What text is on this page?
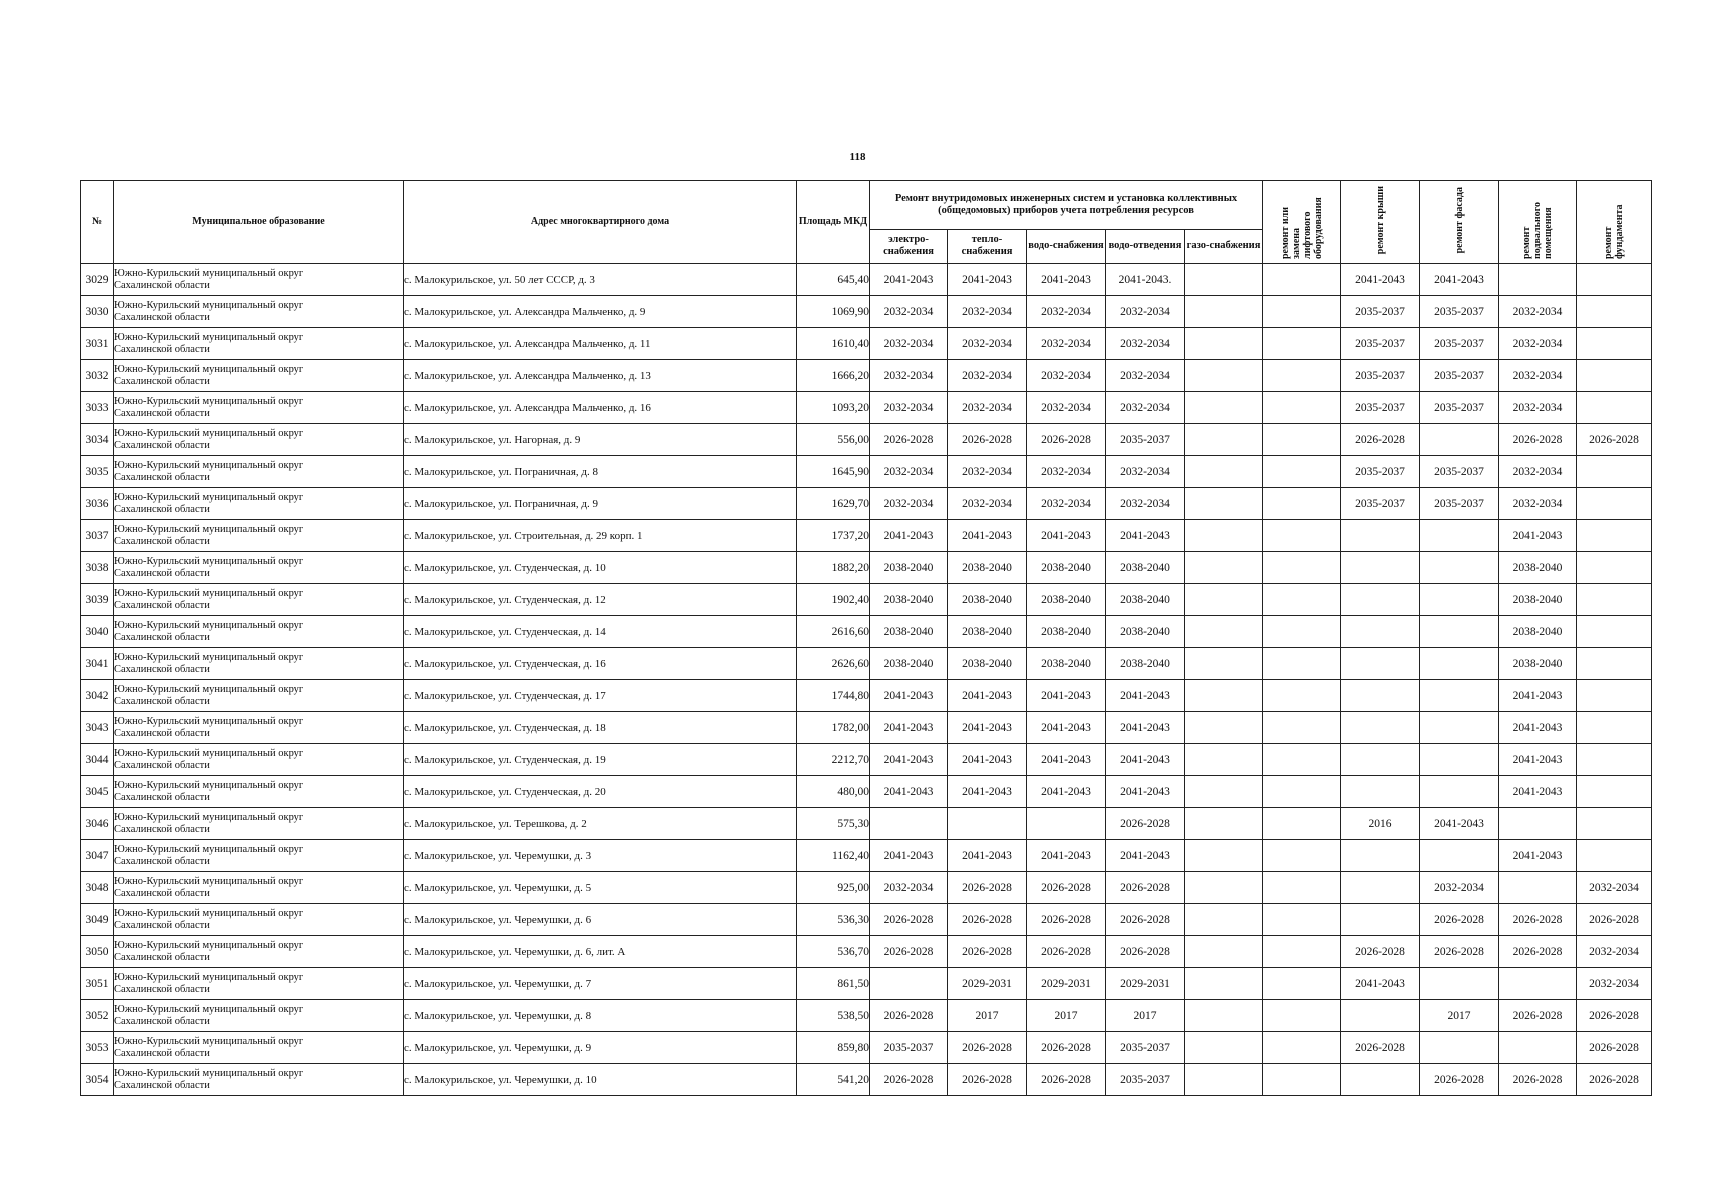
118
№	Муниципальное образование	Адрес многоквартирного дома	Площадь МКД	Ремонт внутридомовых инженерных систем и установка коллективных (общедомовых) приборов учета потребления ресурсов					ремонт или замена лифтового оборудования	ремонт крыши	ремонт фасада	ремонт подвального помещения	ремонт фундамента
				электро-снабжения	тепло-снабжения	водо-снабжения	водо-отведения	газо-снабжения					
3029	Южно-Курильский муниципальный округ
Сахалинской области	с. Малокурильское, ул. 50 лет СССР, д. 3	645,40	2041-2043	2041-2043	2041-2043	2041-2043.			2041-2043	2041-2043		
3030	Южно-Курильский муниципальный округ
Сахалинской области	с. Малокурильское, ул. Александра Мальченко, д. 9	1069,90	2032-2034	2032-2034	2032-2034	2032-2034			2035-2037	2035-2037	2032-2034	
3031	Южно-Курильский муниципальный округ
Сахалинской области	с. Малокурильское, ул. Александра Мальченко, д. 11	1610,40	2032-2034	2032-2034	2032-2034	2032-2034			2035-2037	2035-2037	2032-2034	
3032	Южно-Курильский муниципальный округ
Сахалинской области	с. Малокурильское, ул. Александра Мальченко, д. 13	1666,20	2032-2034	2032-2034	2032-2034	2032-2034			2035-2037	2035-2037	2032-2034	
3033	Южно-Курильский муниципальный округ
Сахалинской области	с. Малокурильское, ул. Александра Мальченко, д. 16	1093,20	2032-2034	2032-2034	2032-2034	2032-2034			2035-2037	2035-2037	2032-2034	
3034	Южно-Курильский муниципальный округ
Сахалинской области	с. Малокурильское, ул. Нагорная, д. 9	556,00	2026-2028	2026-2028	2026-2028	2035-2037			2026-2028		2026-2028	2026-2028
3035	Южно-Курильский муниципальный округ
Сахалинской области	с. Малокурильское, ул. Пограничная, д. 8	1645,90	2032-2034	2032-2034	2032-2034	2032-2034			2035-2037	2035-2037	2032-2034	
3036	Южно-Курильский муниципальный округ
Сахалинской области	с. Малокурильское, ул. Пограничная, д. 9	1629,70	2032-2034	2032-2034	2032-2034	2032-2034			2035-2037	2035-2037	2032-2034	
3037	Южно-Курильский муниципальный округ
Сахалинской области	с. Малокурильское, ул. Строительная, д. 29 корп. 1	1737,20	2041-2043	2041-2043	2041-2043	2041-2043					2041-2043	
3038	Южно-Курильский муниципальный округ
Сахалинской области	с. Малокурильское, ул. Студенческая, д. 10	1882,20	2038-2040	2038-2040	2038-2040	2038-2040					2038-2040	
3039	Южно-Курильский муниципальный округ
Сахалинской области	с. Малокурильское, ул. Студенческая, д. 12	1902,40	2038-2040	2038-2040	2038-2040	2038-2040					2038-2040	
3040	Южно-Курильский муниципальный округ
Сахалинской области	с. Малокурильское, ул. Студенческая, д. 14	2616,60	2038-2040	2038-2040	2038-2040	2038-2040					2038-2040	
3041	Южно-Курильский муниципальный округ
Сахалинской области	с. Малокурильское, ул. Студенческая, д. 16	2626,60	2038-2040	2038-2040	2038-2040	2038-2040					2038-2040	
3042	Южно-Курильский муниципальный округ
Сахалинской области	с. Малокурильское, ул. Студенческая, д. 17	1744,80	2041-2043	2041-2043	2041-2043	2041-2043					2041-2043	
3043	Южно-Курильский муниципальный округ
Сахалинской области	с. Малокурильское, ул. Студенческая, д. 18	1782,00	2041-2043	2041-2043	2041-2043	2041-2043					2041-2043	
3044	Южно-Курильский муниципальный округ
Сахалинской области	с. Малокурильское, ул. Студенческая, д. 19	2212,70	2041-2043	2041-2043	2041-2043	2041-2043					2041-2043	
3045	Южно-Курильский муниципальный округ
Сахалинской области	с. Малокурильское, ул. Студенческая, д. 20	480,00	2041-2043	2041-2043	2041-2043	2041-2043					2041-2043	
3046	Южно-Курильский муниципальный округ
Сахалинской области	с. Малокурильское, ул. Терешкова, д. 2	575,30				2026-2028			2016	2041-2043		
3047	Южно-Курильский муниципальный округ
Сахалинской области	с. Малокурильское, ул. Черемушки, д. 3	1162,40	2041-2043	2041-2043	2041-2043	2041-2043					2041-2043	
3048	Южно-Курильский муниципальный округ
Сахалинской области	с. Малокурильское, ул. Черемушки, д. 5	925,00	2032-2034	2026-2028	2026-2028	2026-2028				2032-2034		2032-2034
3049	Южно-Курильский муниципальный округ
Сахалинской области	с. Малокурильское, ул. Черемушки, д. 6	536,30	2026-2028	2026-2028	2026-2028	2026-2028				2026-2028	2026-2028	2026-2028
3050	Южно-Курильский муниципальный округ
Сахалинской области	с. Малокурильское, ул. Черемушки, д. 6, лит. А	536,70	2026-2028	2026-2028	2026-2028	2026-2028			2026-2028	2026-2028	2026-2028	2032-2034
3051	Южно-Курильский муниципальный округ
Сахалинской области	с. Малокурильское, ул. Черемушки, д. 7	861,50		2029-2031	2029-2031	2029-2031			2041-2043			2032-2034
3052	Южно-Курильский муниципальный округ
Сахалинской области	с. Малокурильское, ул. Черемушки, д. 8	538,50	2026-2028	2017	2017	2017				2017	2026-2028	2026-2028
3053	Южно-Курильский муниципальный округ
Сахалинской области	с. Малокурильское, ул. Черемушки, д. 9	859,80	2035-2037	2026-2028	2026-2028	2035-2037			2026-2028			2026-2028
3054	Южно-Курильский муниципальный округ
Сахалинской области	с. Малокурильское, ул. Черемушки, д. 10	541,20	2026-2028	2026-2028	2026-2028	2035-2037				2026-2028	2026-2028	2026-2028
